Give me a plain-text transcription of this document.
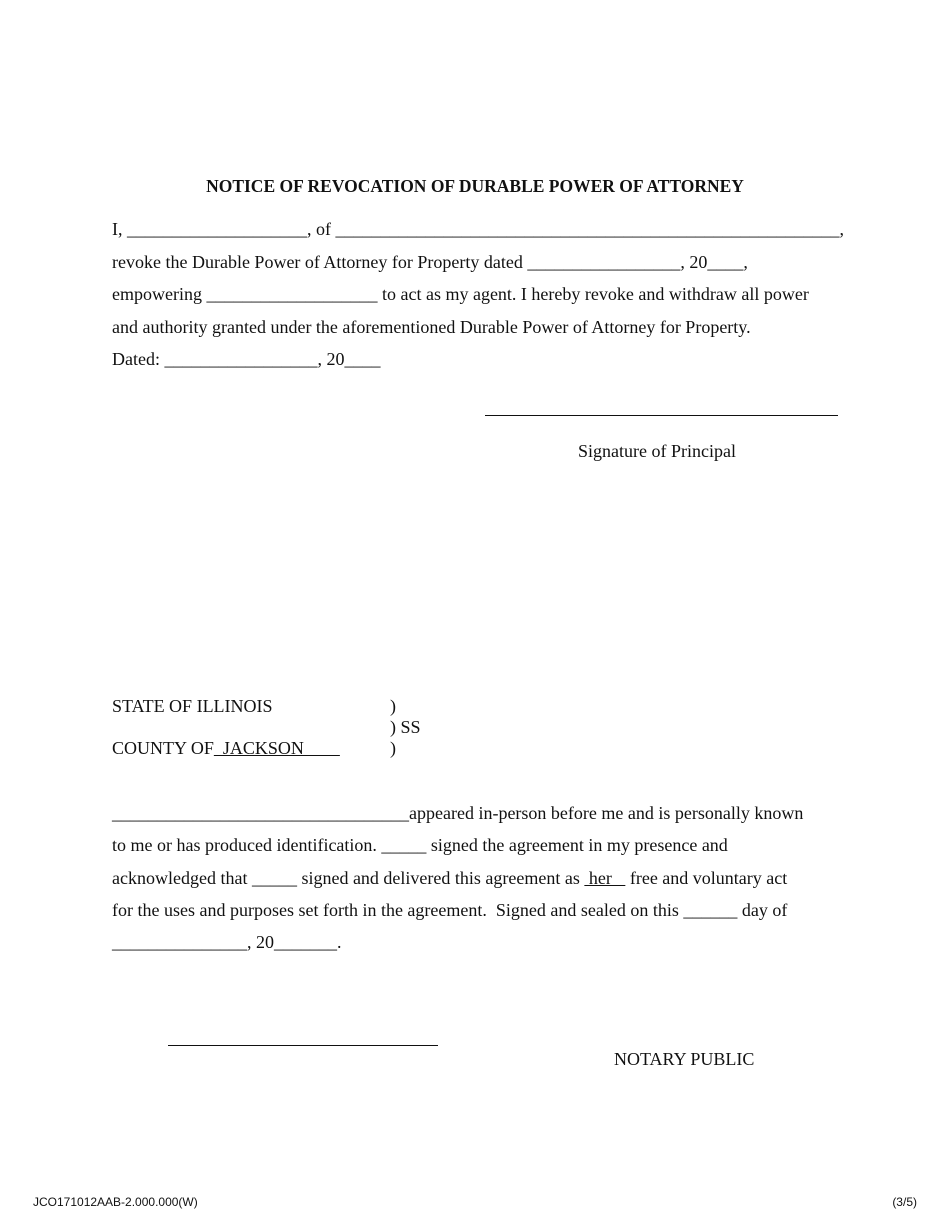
NOTICE OF REVOCATION OF DURABLE POWER OF ATTORNEY
I, ____________________, of ________________________________________________________,
revoke the Durable Power of Attorney for Property dated _________________, 20____,
empowering ___________________ to act as my agent. I hereby revoke and withdraw all power
and authority granted under the aforementioned Durable Power of Attorney for Property.
Dated: _________________, 20____
Signature of Principal
STATE OF ILLINOIS	)
) SS
COUNTY OF  JACKSON	)
_________________________________appeared in-person before me and is personally known
to me or has produced identification. _____ signed the agreement in my presence and
acknowledged that _____ signed and delivered this agreement as  her    free and voluntary act
for the uses and purposes set forth in the agreement.  Signed and sealed on this ______ day of
_______________, 20_______.
NOTARY PUBLIC
JCO171012AAB-2.000.000(W)	(3/5)
